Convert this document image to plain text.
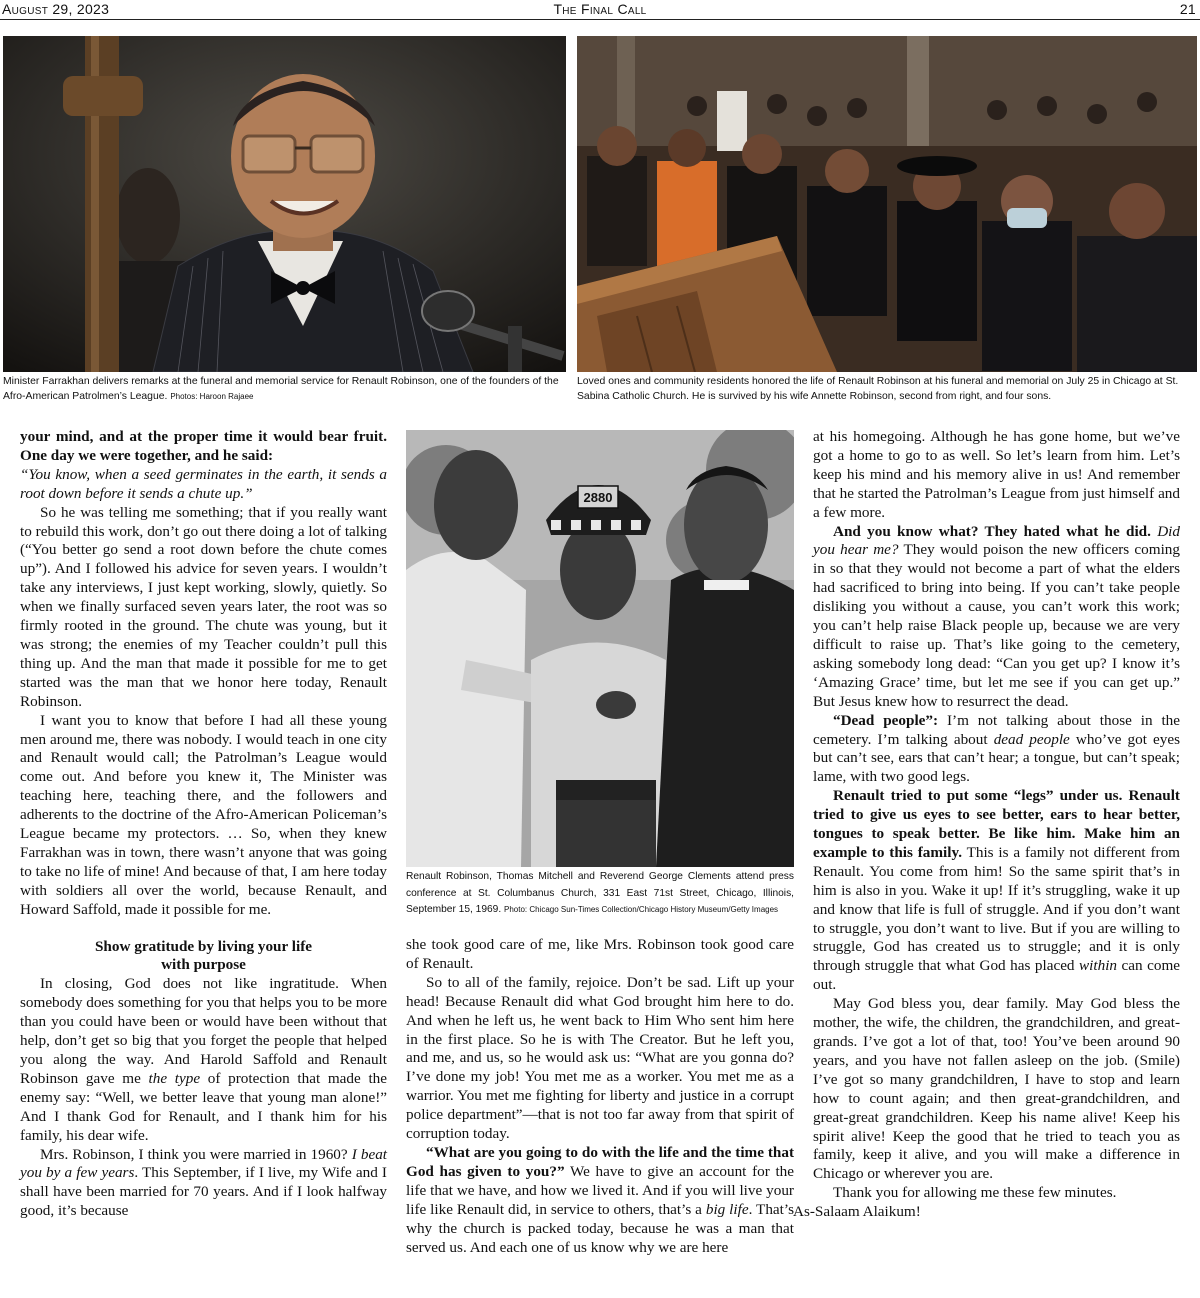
August 29, 2023	The Final Call	21
Minister Farrakhan delivers remarks at the funeral and memorial service for Renault Robinson, one of the founders of the Afro-American Patrolmen’s League. Photos: Haroon Rajaee
Loved ones and community residents honored the life of Renault Robinson at his funeral and memorial on July 25 in Chicago at St. Sabina Catholic Church. He is survived by his wife Annette Robinson, second from right, and four sons.
2880
Renault Robinson, Thomas Mitchell and Reverend George Clements attend press conference at St. Columbanus Church, 331 East 71st Street, Chicago, Illinois, September 15, 1969. Photo: Chicago Sun-Times Collection/Chicago History Museum/Getty Images

your mind, and at the proper time it would bear fruit. One day we were together, and he said:
“You know, when a seed germinates in the earth, it sends a root down before it sends a chute up.”

So he was telling me something; that if you really want to rebuild this work, don’t go out there doing a lot of talking (“You better go send a root down before the chute comes up”). And I followed his advice for seven years. I wouldn’t take any interviews, I just kept working, slowly, quietly. So when we finally surfaced seven years later, the root was so firmly rooted in the ground. The chute was young, but it was strong; the enemies of my Teacher couldn’t pull this thing up. And the man that made it possible for me to get started was the man that we honor here today, Renault Robinson.

I want you to know that before I had all these young men around me, there was nobody. I would teach in one city and Renault would call; the Patrolman’s League would come out. And before you knew it, The Minister was teaching here, teaching there, and the followers and adherents to the doctrine of the Afro-American Policeman’s League became my protectors. … So, when they knew Farrakhan was in town, there wasn’t anyone that was going to take no life of mine! And because of that, I am here today with soldiers all over the world, because Renault, and Howard Saffold, made it possible for me.

Show gratitude by living your life
with purpose

In closing, God does not like ingratitude. When somebody does something for you that helps you to be more than you could have been or would have been without that help, don’t get so big that you forget the people that helped you along the way. And Harold Saffold and Renault Robinson gave me the type of protection that made the enemy say: “Well, we better leave that young man alone!” And I thank God for Renault, and I thank him for his family, his dear wife.

Mrs. Robinson, I think you were married in 1960? I beat you by a few years. This September, if I live, my Wife and I shall have been married for 70 years. And if I look halfway good, it’s because

she took good care of me, like Mrs. Robinson took good care of Renault.

So to all of the family, rejoice. Don’t be sad. Lift up your head! Because Renault did what God brought him here to do. And when he left us, he went back to Him Who sent him here in the first place. So he is with The Creator. But he left you, and me, and us, so he would ask us: “What are you gonna do? I’ve done my job! You met me as a worker. You met me as a warrior. You met me fighting for liberty and justice in a corrupt police department”—that is not too far away from that spirit of corruption today.

“What are you going to do with the life and the time that God has given to you?” We have to give an account for the life that we have, and how we lived it. And if you will live your life like Renault did, in service to others, that’s a big life. That’s why the church is packed today, because he was a man that served us. And each one of us know why we are here

at his homegoing. Although he has gone home, but we’ve got a home to go to as well. So let’s learn from him. Let’s keep his mind and his memory alive in us! And remember that he started the Patrolman’s League from just himself and a few more.

And you know what? They hated what he did. Did you hear me? They would poison the new officers coming in so that they would not become a part of what the elders had sacrificed to bring into being. If you can’t take people disliking you without a cause, you can’t work this work; you can’t help raise Black people up, because we are very difficult to raise up. That’s like going to the cemetery, asking somebody long dead: “Can you get up? I know it’s ‘Amazing Grace’ time, but let me see if you can get up.” But Jesus knew how to resurrect the dead.

“Dead people”: I’m not talking about those in the cemetery. I’m talking about dead people who’ve got eyes but can’t see, ears that can’t hear; a tongue, but can’t speak; lame, with two good legs.

Renault tried to put some “legs” under us. Renault tried to give us eyes to see better, ears to hear better, tongues to speak better. Be like him. Make him an example to this family. This is a family not different from Renault. You come from him! So the same spirit that’s in him is also in you. Wake it up! If it’s struggling, wake it up and know that life is full of struggle. And if you don’t want to struggle, you don’t want to live. But if you are willing to struggle, God has created us to struggle; and it is only through struggle that what God has placed within can come out.

May God bless you, dear family. May God bless the mother, the wife, the children, the grandchildren, and great-grands. I’ve got a lot of that, too! You’ve been around 90 years, and you have not fallen asleep on the job. (Smile) I’ve got so many grandchildren, I have to stop and learn how to count again; and then great-grandchildren, and great-great grandchildren. Keep his name alive! Keep his spirit alive! Keep the good that he tried to teach you as family, keep it alive, and you will make a difference in Chicago or wherever you are.

Thank you for allowing me these few minutes.
As-Salaam Alaikum!
